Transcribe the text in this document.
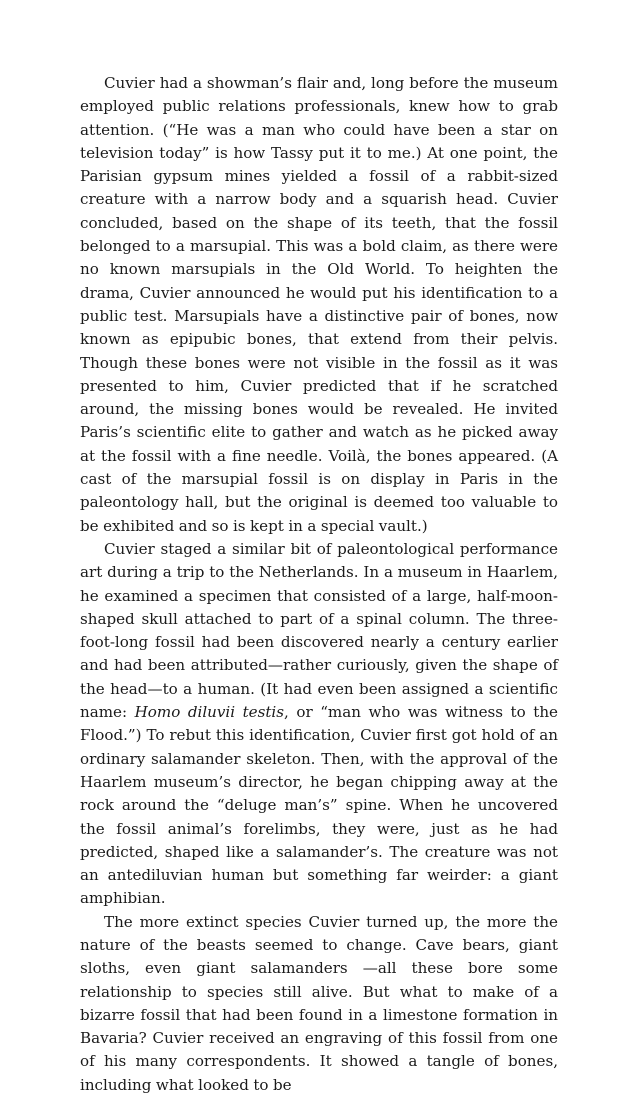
Cuvier had a showman’s flair and, long before the museum employed public relations professionals, knew how to grab attention. (“He was a man who could have been a star on television today” is how Tassy put it to me.) At one point, the Parisian gypsum mines yielded a fossil of a rabbit-sized creature with a narrow body and a squarish head. Cuvier concluded, based on the shape of its teeth, that the fossil belonged to a marsupial. This was a bold claim, as there were no known marsupials in the Old World. To heighten the drama, Cuvier announced he would put his identification to a public test. Marsupials have a distinctive pair of bones, now known as epipubic bones, that extend from their pelvis. Though these bones were not visible in the fossil as it was presented to him, Cuvier predicted that if he scratched around, the missing bones would be revealed. He invited Paris’s scientific elite to gather and watch as he picked away at the fossil with a fine needle. Voilà, the bones appeared. (A cast of the marsupial fossil is on display in Paris in the paleontology hall, but the original is deemed too valuable to be exhibited and so is kept in a special vault.)

Cuvier staged a similar bit of paleontological performance art during a trip to the Netherlands. In a museum in Haarlem, he examined a specimen that consisted of a large, half-moon-shaped skull attached to part of a spinal column. The three-foot-long fossil had been discovered nearly a century earlier and had been attributed—rather curiously, given the shape of the head—to a human. (It had even been assigned a scientific name: Homo diluvii testis, or “man who was witness to the Flood.”) To rebut this identification, Cuvier first got hold of an ordinary salamander skeleton. Then, with the approval of the Haarlem museum’s director, he began chipping away at the rock around the “deluge man’s” spine. When he uncovered the fossil animal’s forelimbs, they were, just as he had predicted, shaped like a salamander’s. The creature was not an antediluvian human but something far weirder: a giant amphibian.

The more extinct species Cuvier turned up, the more the nature of the beasts seemed to change. Cave bears, giant sloths, even giant salamanders —all these bore some relationship to species still alive. But what to make of a bizarre fossil that had been found in a limestone formation in Bavaria? Cuvier received an engraving of this fossil from one of his many correspondents. It showed a tangle of bones, including what looked to be
